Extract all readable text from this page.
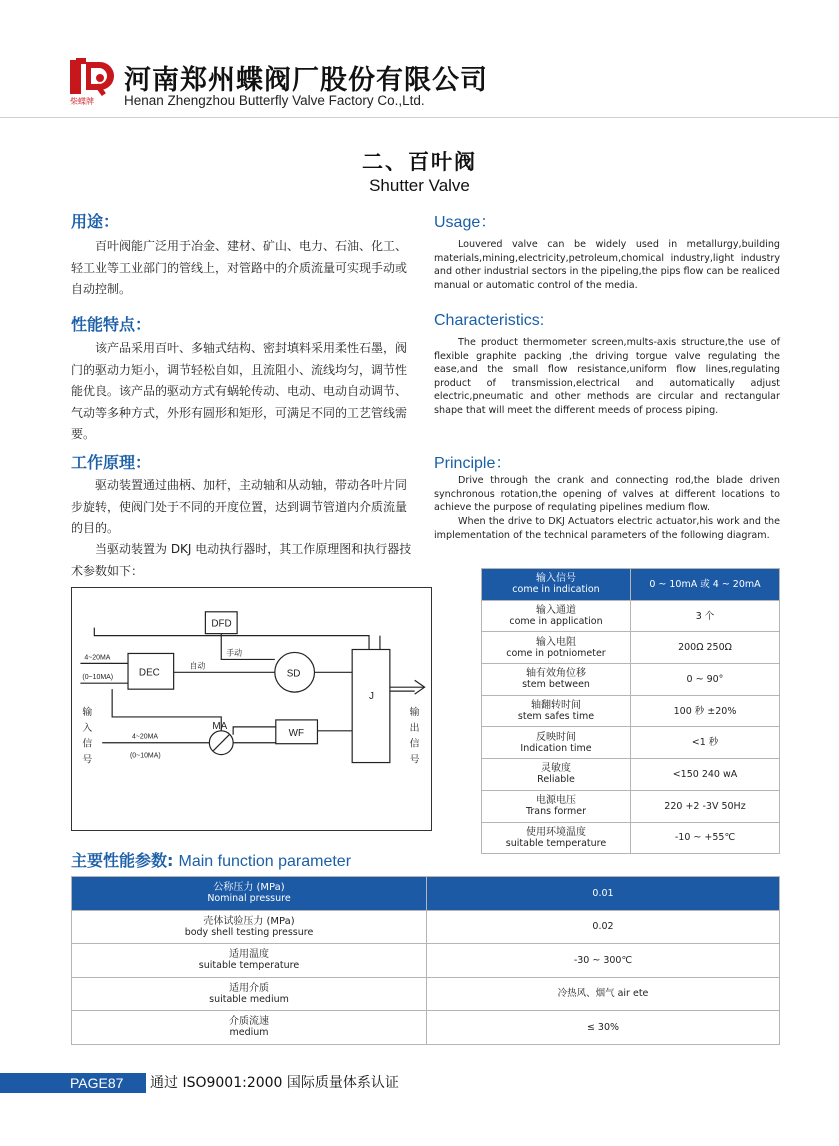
柴蝶牌
河南郑州蝶阀厂股份有限公司
Henan Zhengzhou Butterfly Valve Factory Co.,Ltd.
二、百叶阀
Shutter Valve
用途：	Usage：

百叶阀能广泛用于冶金、建材、矿山、电力、石油、化工、轻工业等工业部门的管线上，对管路中的介质流量可实现手动或自动控制。

Louvered valve can be widely used in metallurgy,building materials,mining,electricity,petroleum,chomical industry,light industry and other industrial sectors in the pipeling,the pips flow can be realiced manual or automatic control of the media.

性能特点：	Characteristics:

该产品采用百叶、多轴式结构、密封填料采用柔性石墨，阀门的驱动力矩小，调节轻松自如，且流阻小、流线均匀，调节性能优良。该产品的驱动方式有蜗轮传动、电动、电动自动调节、气动等多种方式，外形有圆形和矩形，可满足不同的工艺管线需要。

The product thermometer screen,mults-axis structure,the use of flexible graphite packing ,the driving torgue valve regulating the ease,and the small flow resistance,uniform flow lines,regulating product of transmission,electrical and automatically adjust electric,pneumatic and other methods are circular and rectangular shape that will meet the different meeds of process piping.

工作原理：	Principle：

驱动装置通过曲柄、加杆，主动轴和从动轴，带动各叶片同步旋转，使阀门处于不同的开度位置，达到调节管道内介质流量的目的。

当驱动装置为 DKJ 电动执行器时，其工作原理图和执行器技术参数如下：

Drive through the crank and connecting rod,the blade driven synchronous rotation,the opening of valves at different locations to achieve the purpose of requlating pipelines medium flow.

When the drive to DKJ Actuators electric actuator,his work and the implementation of the technical parameters of the following diagram.

DFD
DEC	SD
J
WF
MA
手动
自动
4~20MA
(0~10MA)
4~20MA
(0~10MA)
输
入
信
号
输
出
信
号
输入信号
come in indication	0 ~ 10mA 或 4 ~ 20mA

输入通道
come in application	3 个

输入电阻
come in potniometer	200Ω 250Ω

轴有效角位移
stem between	0 ~ 90°

轴翻转时间
stem safes time	100 秒 ±20%

反映时间
Indication time	<1 秒

灵敏度
Reliable	<150 240 wA

电源电压
Trans former	220 +2 -3V 50Hz

使用环境温度
suitable temperature	-10 ~ +55℃
主要性能参数: Main function parameter
公称压力 (MPa)
Nominal pressure	0.01

壳体试验压力 (MPa)
body shell testing pressure	0.02

适用温度
suitable temperature	-30 ~ 300℃

适用介质
suitable medium	冷热风、烟气 air ete

介质流速
medium	≤ 30%
PAGE87 通过 ISO9001:2000 国际质量体系认证
